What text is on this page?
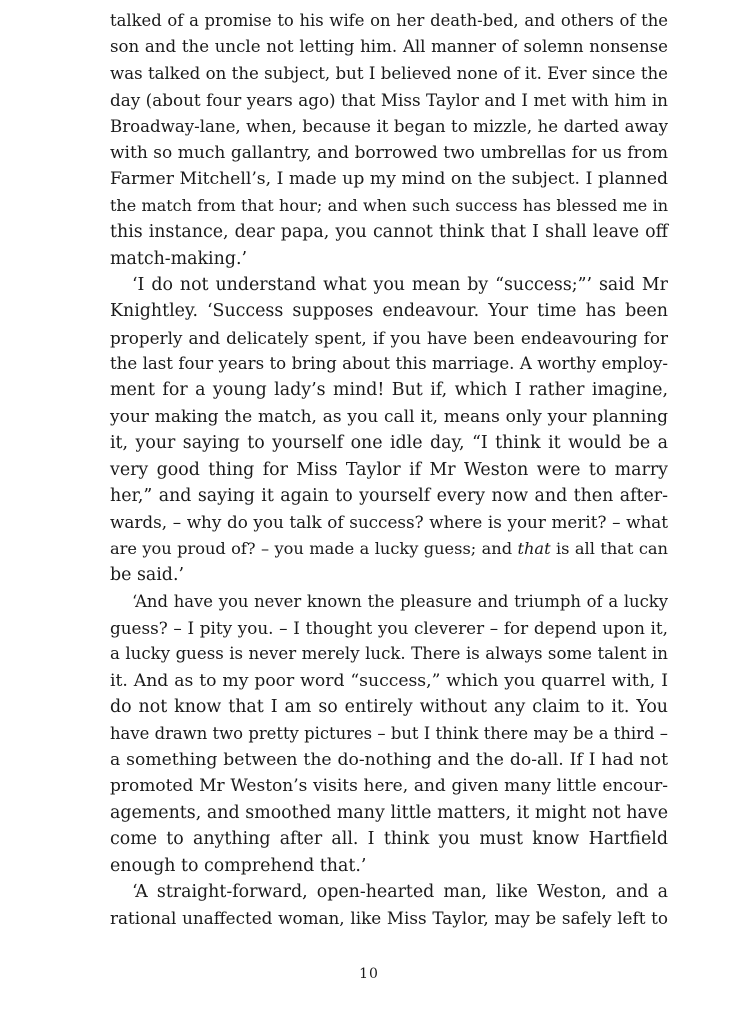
talked of a promise to his wife on her death-bed, and others of the
son and the uncle not letting him. All manner of solemn nonsense
was talked on the subject, but I believed none of it. Ever since the
day (about four years ago) that Miss Taylor and I met with him in
Broadway-lane, when, because it began to mizzle, he darted away
with so much gallantry, and borrowed two umbrellas for us from
Farmer Mitchell’s, I made up my mind on the subject. I planned
the match from that hour; and when such success has blessed me in
this instance, dear papa, you cannot think that I shall leave off
match-making.’
‘I do not understand what you mean by “success;”’ said Mr
Knightley. ‘Success supposes endeavour. Your time has been
properly and delicately spent, if you have been endeavouring for
the last four years to bring about this marriage. A worthy employ-
ment for a young lady’s mind! But if, which I rather imagine,
your making the match, as you call it, means only your planning
it, your saying to yourself one idle day, “I think it would be a
very good thing for Miss Taylor if Mr Weston were to marry
her,” and saying it again to yourself every now and then after-
wards, – why do you talk of success? where is your merit? – what
are you proud of? – you made a lucky guess; and that is all that can
be said.’
‘And have you never known the pleasure and triumph of a lucky
guess? – I pity you. – I thought you cleverer – for depend upon it,
a lucky guess is never merely luck. There is always some talent in
it. And as to my poor word “success,” which you quarrel with, I
do not know that I am so entirely without any claim to it. You
have drawn two pretty pictures – but I think there may be a third –
a something between the do-nothing and the do-all. If I had not
promoted Mr Weston’s visits here, and given many little encour-
agements, and smoothed many little matters, it might not have
come to anything after all. I think you must know Hartfield
enough to comprehend that.’
‘A straight-forward, open-hearted man, like Weston, and a
rational unaffected woman, like Miss Taylor, may be safely left to
10
